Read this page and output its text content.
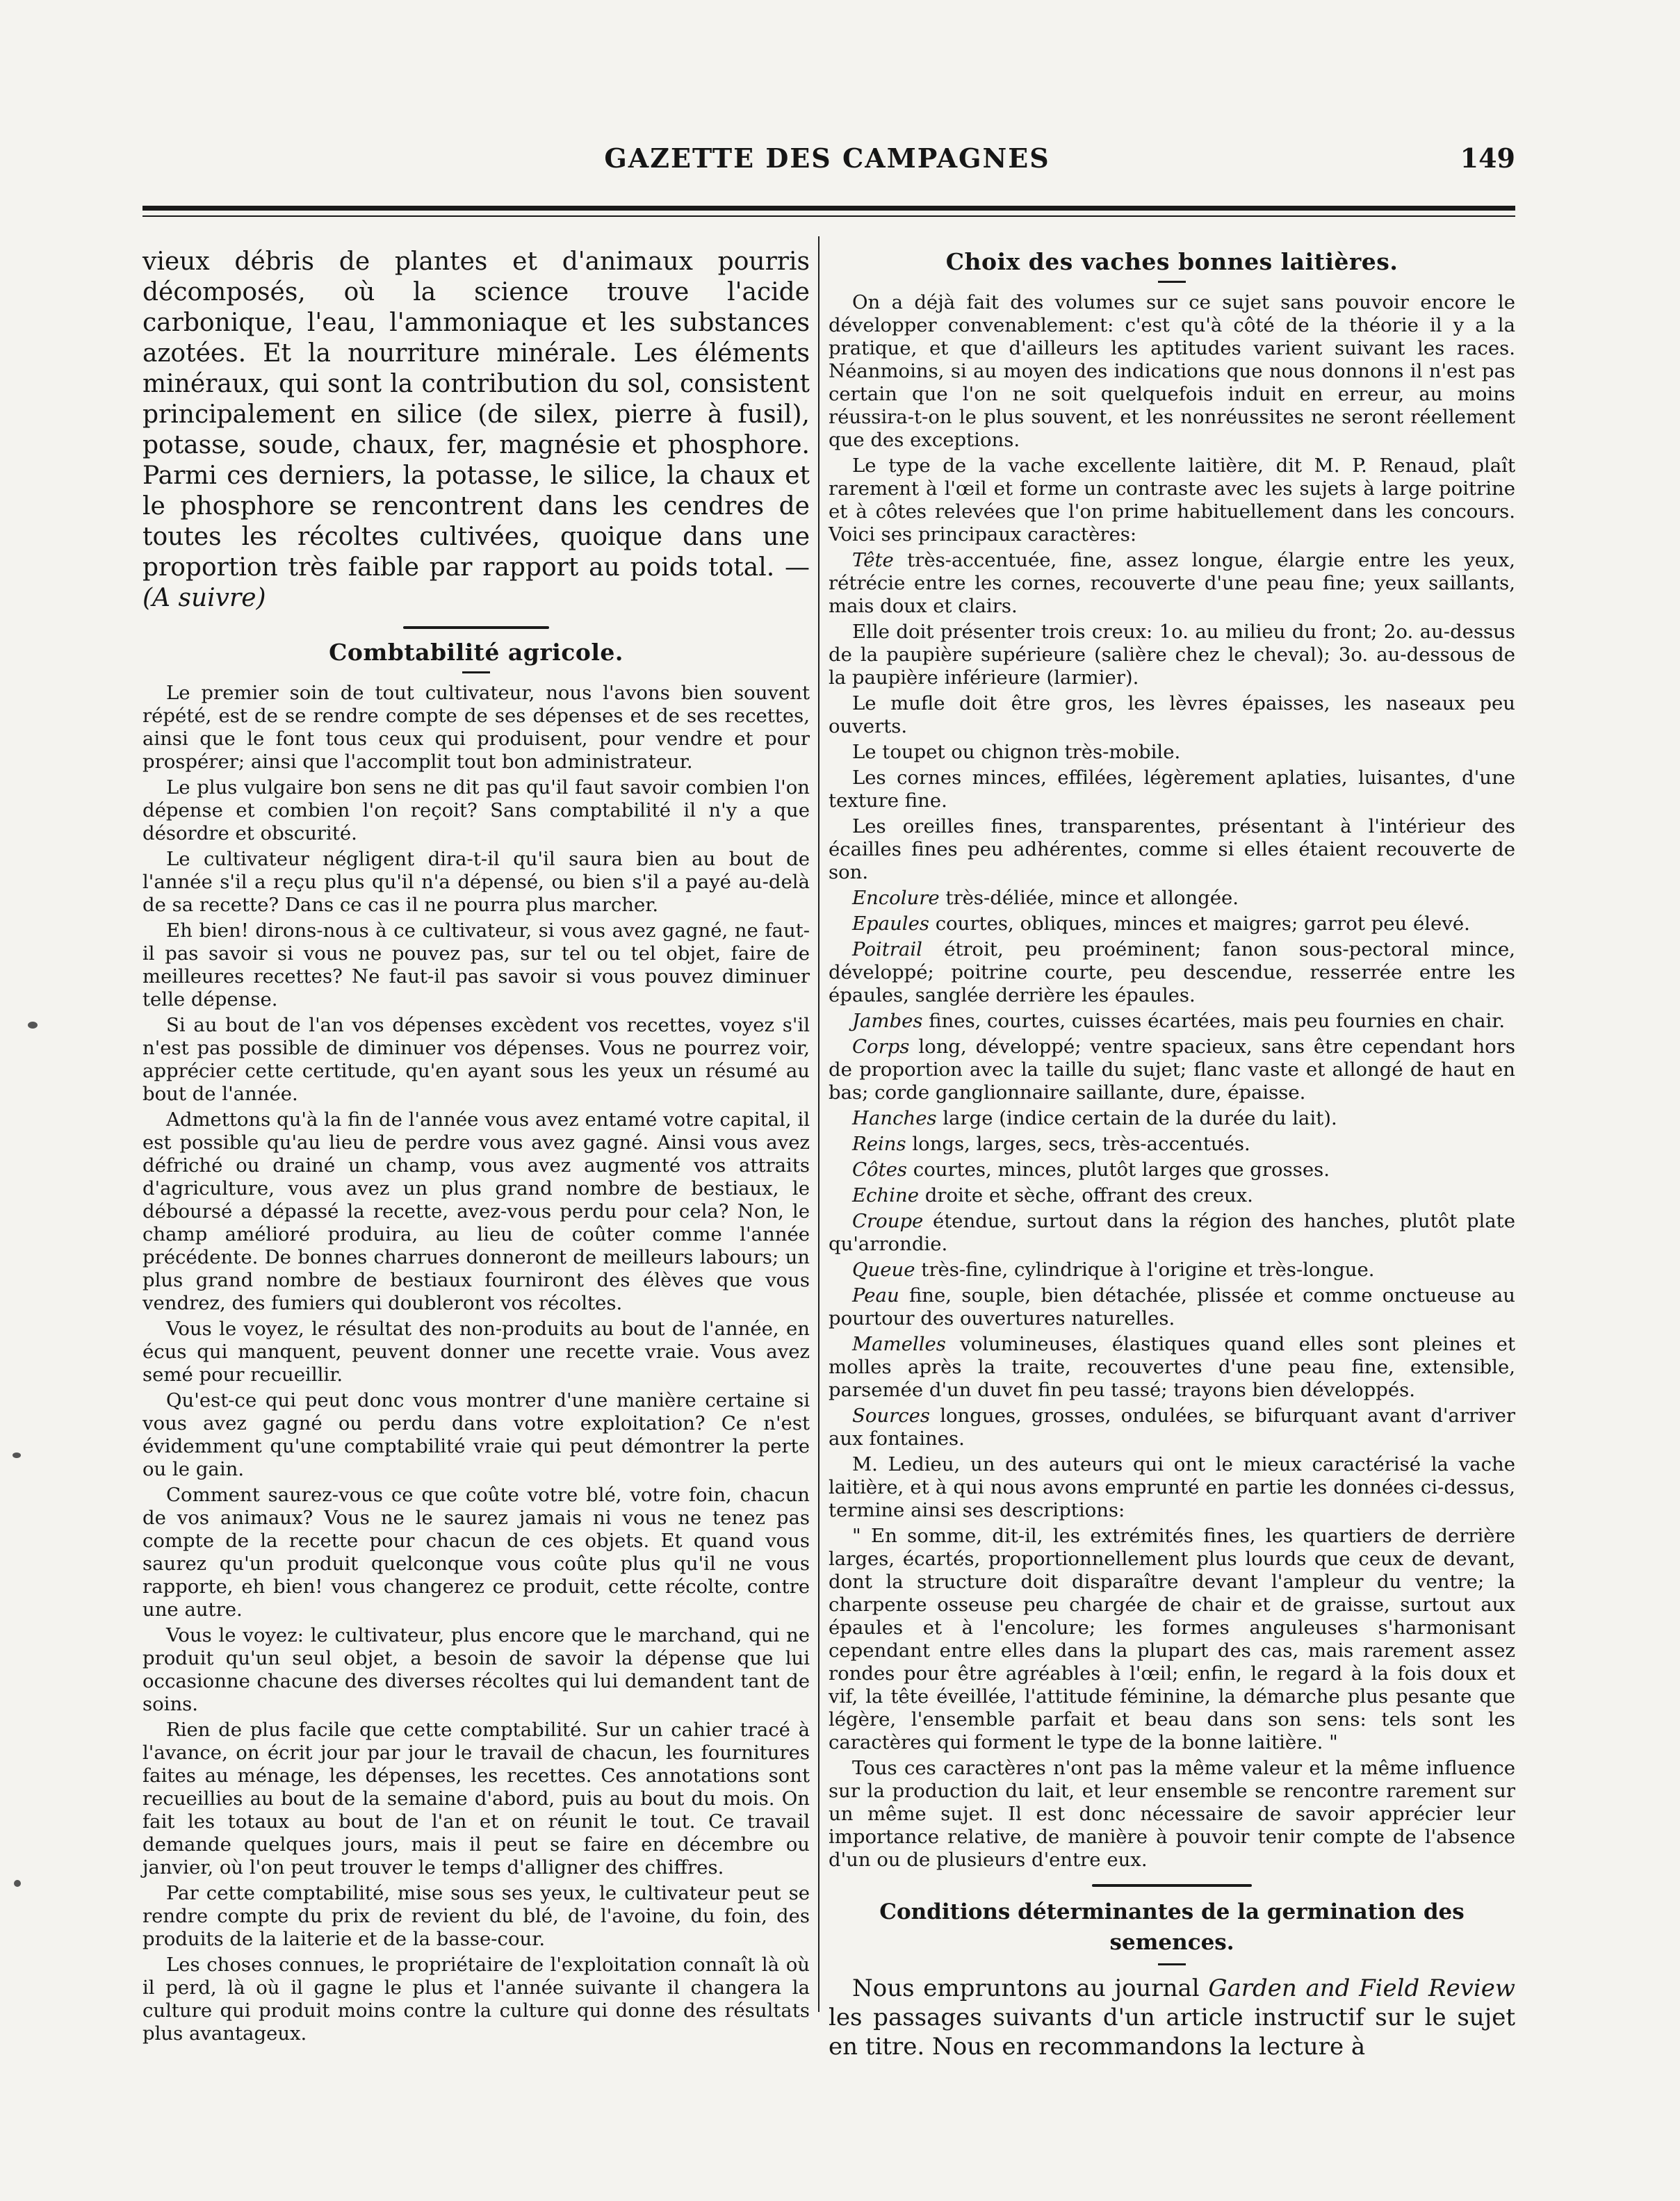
GAZETTE DES CAMPAGNES	149

vieux débris de plantes et d'animaux pourris décomposés, où la science trouve l'acide carbonique, l'eau, l'ammoniaque et les substances azotées. Et la nourriture minérale. Les éléments minéraux, qui sont la contribution du sol, consistent principalement en silice (de silex, pierre à fusil), potasse, soude, chaux, fer, magnésie et phosphore. Parmi ces derniers, la potasse, le silice, la chaux et le phosphore se rencontrent dans les cendres de toutes les récoltes cultivées, quoique dans une proportion très faible par rapport au poids total. — (A suivre)

Combtabilité agricole.

Le premier soin de tout cultivateur, nous l'avons bien souvent répété, est de se rendre compte de ses dépenses et de ses recettes, ainsi que le font tous ceux qui produisent, pour vendre et pour prospérer; ainsi que l'accomplit tout bon administrateur.

Le plus vulgaire bon sens ne dit pas qu'il faut savoir combien l'on dépense et combien l'on reçoit? Sans comptabilité il n'y a que désordre et obscurité.

Le cultivateur négligent dira-t-il qu'il saura bien au bout de l'année s'il a reçu plus qu'il n'a dépensé, ou bien s'il a payé au-delà de sa recette? Dans ce cas il ne pourra plus marcher.

Eh bien! dirons-nous à ce cultivateur, si vous avez gagné, ne faut-il pas savoir si vous ne pouvez pas, sur tel ou tel objet, faire de meilleures recettes? Ne faut-il pas savoir si vous pouvez diminuer telle dépense.

Si au bout de l'an vos dépenses excèdent vos recettes, voyez s'il n'est pas possible de diminuer vos dépenses. Vous ne pourrez voir, apprécier cette certitude, qu'en ayant sous les yeux un résumé au bout de l'année.

Admettons qu'à la fin de l'année vous avez entamé votre capital, il est possible qu'au lieu de perdre vous avez gagné. Ainsi vous avez défriché ou drainé un champ, vous avez augmenté vos attraits d'agriculture, vous avez un plus grand nombre de bestiaux, le déboursé a dépassé la recette, avez-vous perdu pour cela? Non, le champ amélioré produira, au lieu de coûter comme l'année précédente. De bonnes charrues donneront de meilleurs labours; un plus grand nombre de bestiaux fourniront des élèves que vous vendrez, des fumiers qui doubleront vos récoltes.

Vous le voyez, le résultat des non-produits au bout de l'année, en écus qui manquent, peuvent donner une recette vraie. Vous avez semé pour recueillir.

Qu'est-ce qui peut donc vous montrer d'une manière certaine si vous avez gagné ou perdu dans votre exploitation? Ce n'est évidemment qu'une comptabilité vraie qui peut démontrer la perte ou le gain.

Comment saurez-vous ce que coûte votre blé, votre foin, chacun de vos animaux? Vous ne le saurez jamais ni vous ne tenez pas compte de la recette pour chacun de ces objets. Et quand vous saurez qu'un produit quelconque vous coûte plus qu'il ne vous rapporte, eh bien! vous changerez ce produit, cette récolte, contre une autre.

Vous le voyez: le cultivateur, plus encore que le marchand, qui ne produit qu'un seul objet, a besoin de savoir la dépense que lui occasionne chacune des diverses récoltes qui lui demandent tant de soins.

Rien de plus facile que cette comptabilité. Sur un cahier tracé à l'avance, on écrit jour par jour le travail de chacun, les fournitures faites au ménage, les dépenses, les recettes. Ces annotations sont recueillies au bout de la semaine d'abord, puis au bout du mois. On fait les totaux au bout de l'an et on réunit le tout. Ce travail demande quelques jours, mais il peut se faire en décembre ou janvier, où l'on peut trouver le temps d'alligner des chiffres.

Par cette comptabilité, mise sous ses yeux, le cultivateur peut se rendre compte du prix de revient du blé, de l'avoine, du foin, des produits de la laiterie et de la basse-cour.

Les choses connues, le propriétaire de l'exploitation connaît là où il perd, là où il gagne le plus et l'année suivante il changera la culture qui produit moins contre la culture qui donne des résultats plus avantageux.

Choix des vaches bonnes laitières.

On a déjà fait des volumes sur ce sujet sans pouvoir encore le développer convenablement: c'est qu'à côté de la théorie il y a la pratique, et que d'ailleurs les aptitudes varient suivant les races. Néanmoins, si au moyen des indications que nous donnons il n'est pas certain que l'on ne soit quelquefois induit en erreur, au moins réussira-t-on le plus souvent, et les nonréussites ne seront réellement que des exceptions.

Le type de la vache excellente laitière, dit M. P. Renaud, plaît rarement à l'œil et forme un contraste avec les sujets à large poitrine et à côtes relevées que l'on prime habituellement dans les concours. Voici ses principaux caractères:

Tête très-accentuée, fine, assez longue, élargie entre les yeux, rétrécie entre les cornes, recouverte d'une peau fine; yeux saillants, mais doux et clairs.

Elle doit présenter trois creux: 1o. au milieu du front; 2o. au-dessus de la paupière supérieure (salière chez le cheval); 3o. au-dessous de la paupière inférieure (larmier).

Le mufle doit être gros, les lèvres épaisses, les naseaux peu ouverts.

Le toupet ou chignon très-mobile.

Les cornes minces, effilées, légèrement aplaties, luisantes, d'une texture fine.

Les oreilles fines, transparentes, présentant à l'intérieur des écailles fines peu adhérentes, comme si elles étaient recouverte de son.

Encolure très-déliée, mince et allongée.

Epaules courtes, obliques, minces et maigres; garrot peu élevé.

Poitrail étroit, peu proéminent; fanon sous-pectoral mince, développé; poitrine courte, peu descendue, resserrée entre les épaules, sanglée derrière les épaules.

Jambes fines, courtes, cuisses écartées, mais peu fournies en chair.

Corps long, développé; ventre spacieux, sans être cependant hors de proportion avec la taille du sujet; flanc vaste et allongé de haut en bas; corde ganglionnaire saillante, dure, épaisse.

Hanches large (indice certain de la durée du lait).

Reins longs, larges, secs, très-accentués.

Côtes courtes, minces, plutôt larges que grosses.

Echine droite et sèche, offrant des creux.

Croupe étendue, surtout dans la région des hanches, plutôt plate qu'arrondie.

Queue très-fine, cylindrique à l'origine et très-longue.

Peau fine, souple, bien détachée, plissée et comme onctueuse au pourtour des ouvertures naturelles.

Mamelles volumineuses, élastiques quand elles sont pleines et molles après la traite, recouvertes d'une peau fine, extensible, parsemée d'un duvet fin peu tassé; trayons bien développés.

Sources longues, grosses, ondulées, se bifurquant avant d'arriver aux fontaines.

M. Ledieu, un des auteurs qui ont le mieux caractérisé la vache laitière, et à qui nous avons emprunté en partie les données ci-dessus, termine ainsi ses descriptions:

" En somme, dit-il, les extrémités fines, les quartiers de derrière larges, écartés, proportionnellement plus lourds que ceux de devant, dont la structure doit disparaître devant l'ampleur du ventre; la charpente osseuse peu chargée de chair et de graisse, surtout aux épaules et à l'encolure; les formes anguleuses s'harmonisant cependant entre elles dans la plupart des cas, mais rarement assez rondes pour être agréables à l'œil; enfin, le regard à la fois doux et vif, la tête éveillée, l'attitude féminine, la démarche plus pesante que légère, l'ensemble parfait et beau dans son sens: tels sont les caractères qui forment le type de la bonne laitière. "

Tous ces caractères n'ont pas la même valeur et la même influence sur la production du lait, et leur ensemble se rencontre rarement sur un même sujet. Il est donc nécessaire de savoir apprécier leur importance relative, de manière à pouvoir tenir compte de l'absence d'un ou de plusieurs d'entre eux.

Conditions déterminantes de la germination des semences.

Nous empruntons au journal Garden and Field Review les passages suivants d'un article instructif sur le sujet en titre. Nous en recommandons la lecture à
